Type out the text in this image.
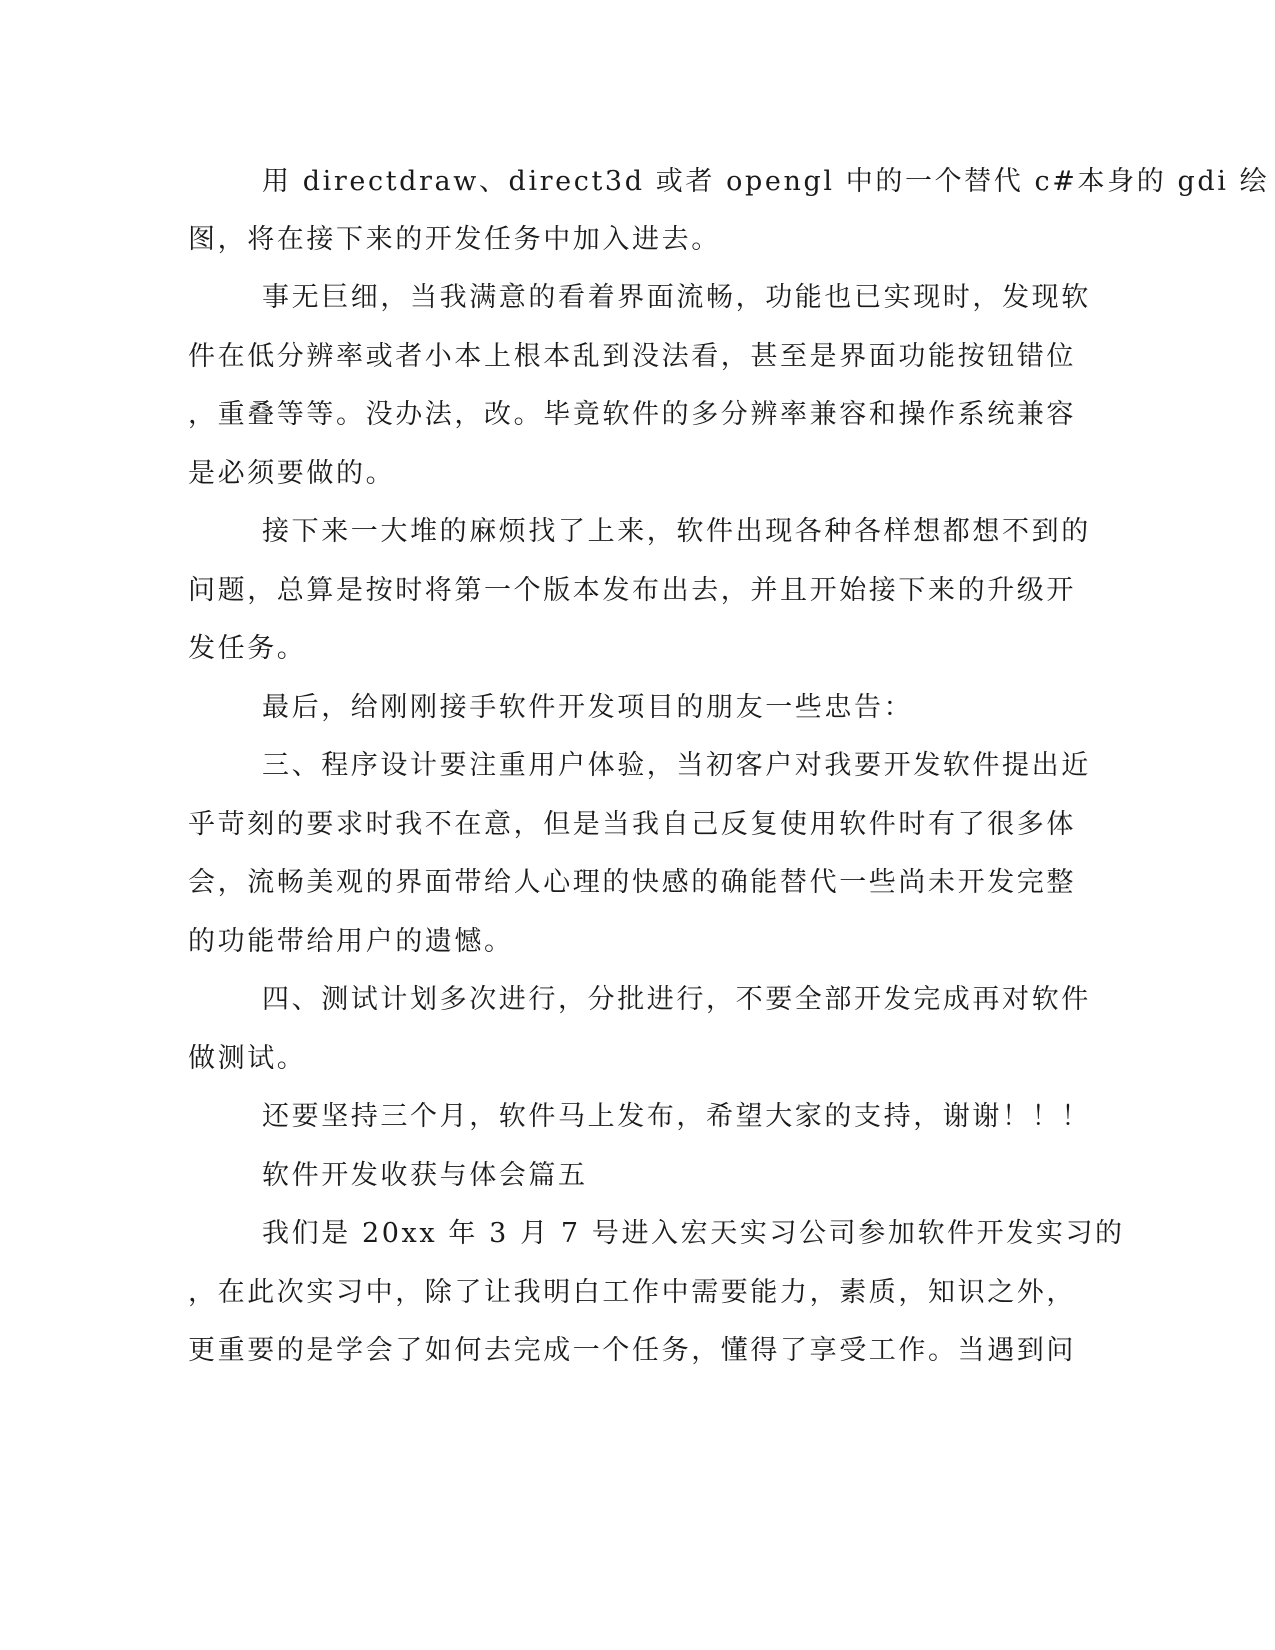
用 directdraw、direct3d 或者 opengl 中的一个替代 c#本身的 gdi 绘
图，将在接下来的开发任务中加入进去。
事无巨细，当我满意的看着界面流畅，功能也已实现时，发现软
件在低分辨率或者小本上根本乱到没法看，甚至是界面功能按钮错位
，重叠等等。没办法，改。毕竟软件的多分辨率兼容和操作系统兼容
是必须要做的。
接下来一大堆的麻烦找了上来，软件出现各种各样想都想不到的
问题，总算是按时将第一个版本发布出去，并且开始接下来的升级开
发任务。
最后，给刚刚接手软件开发项目的朋友一些忠告：
三、程序设计要注重用户体验，当初客户对我要开发软件提出近
乎苛刻的要求时我不在意，但是当我自己反复使用软件时有了很多体
会，流畅美观的界面带给人心理的快感的确能替代一些尚未开发完整
的功能带给用户的遗憾。
四、测试计划多次进行，分批进行，不要全部开发完成再对软件
做测试。
还要坚持三个月，软件马上发布，希望大家的支持，谢谢！！！
软件开发收获与体会篇五
我们是 20xx 年 3 月 7 号进入宏天实习公司参加软件开发实习的
，在此次实习中，除了让我明白工作中需要能力，素质，知识之外，
更重要的是学会了如何去完成一个任务，懂得了享受工作。当遇到问
